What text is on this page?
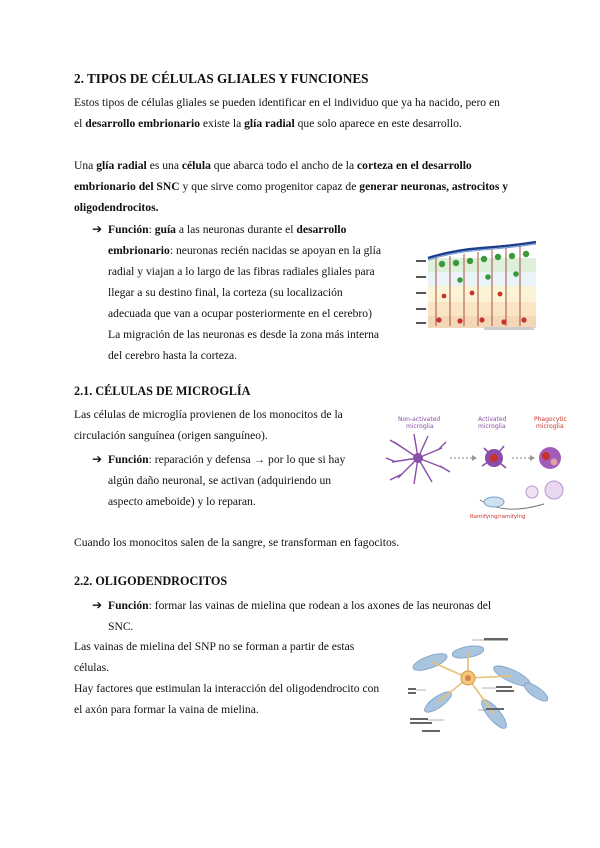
2. TIPOS DE CÉLULAS GLIALES Y FUNCIONES
Estos tipos de células gliales se pueden identificar en el individuo que ya ha nacido, pero en
el desarrollo embrionario existe la glía radial que solo aparece en este desarrollo.
Una glía radial es una célula que abarca todo el ancho de la corteza en el desarrollo
embrionario del SNC y que sirve como progenitor capaz de generar neuronas, astrocitos y
oligodendrocitos.
➔ Función: guía a las neuronas durante el desarrollo
embrionario: neuronas recién nacidas se apoyan en la glía
radial y viajan a lo largo de las fibras radiales gliales para
llegar a su destino final, la corteza (su localización
adecuada que van a ocupar posteriormente en el cerebro)
La migración de las neuronas es desde la zona más interna
del cerebro hasta la corteza.
2.1. CÉLULAS DE MICROGLÍA
Las células de microglía provienen de los monocitos de la
circulación sanguínea (origen sanguíneo).
➔ Función: reparación y defensa → por lo que si hay
algún daño neuronal, se activan (adquiriendo un
aspecto ameboide) y lo reparan.
Cuando los monocitos salen de la sangre, se transforman en fagocitos.
Non-activated
microglia
Activated
microglia
Phagocytic
microglia
Ramifying/ramifying
2.2. OLIGODENDROCITOS
➔ Función: formar las vainas de mielina que rodean a los axones de las neuronas del
SNC.
Las vainas de mielina del SNP no se forman a partir de estas
células.
Hay factores que estimulan la interacción del oligodendrocito con
el axón para formar la vaina de mielina.
